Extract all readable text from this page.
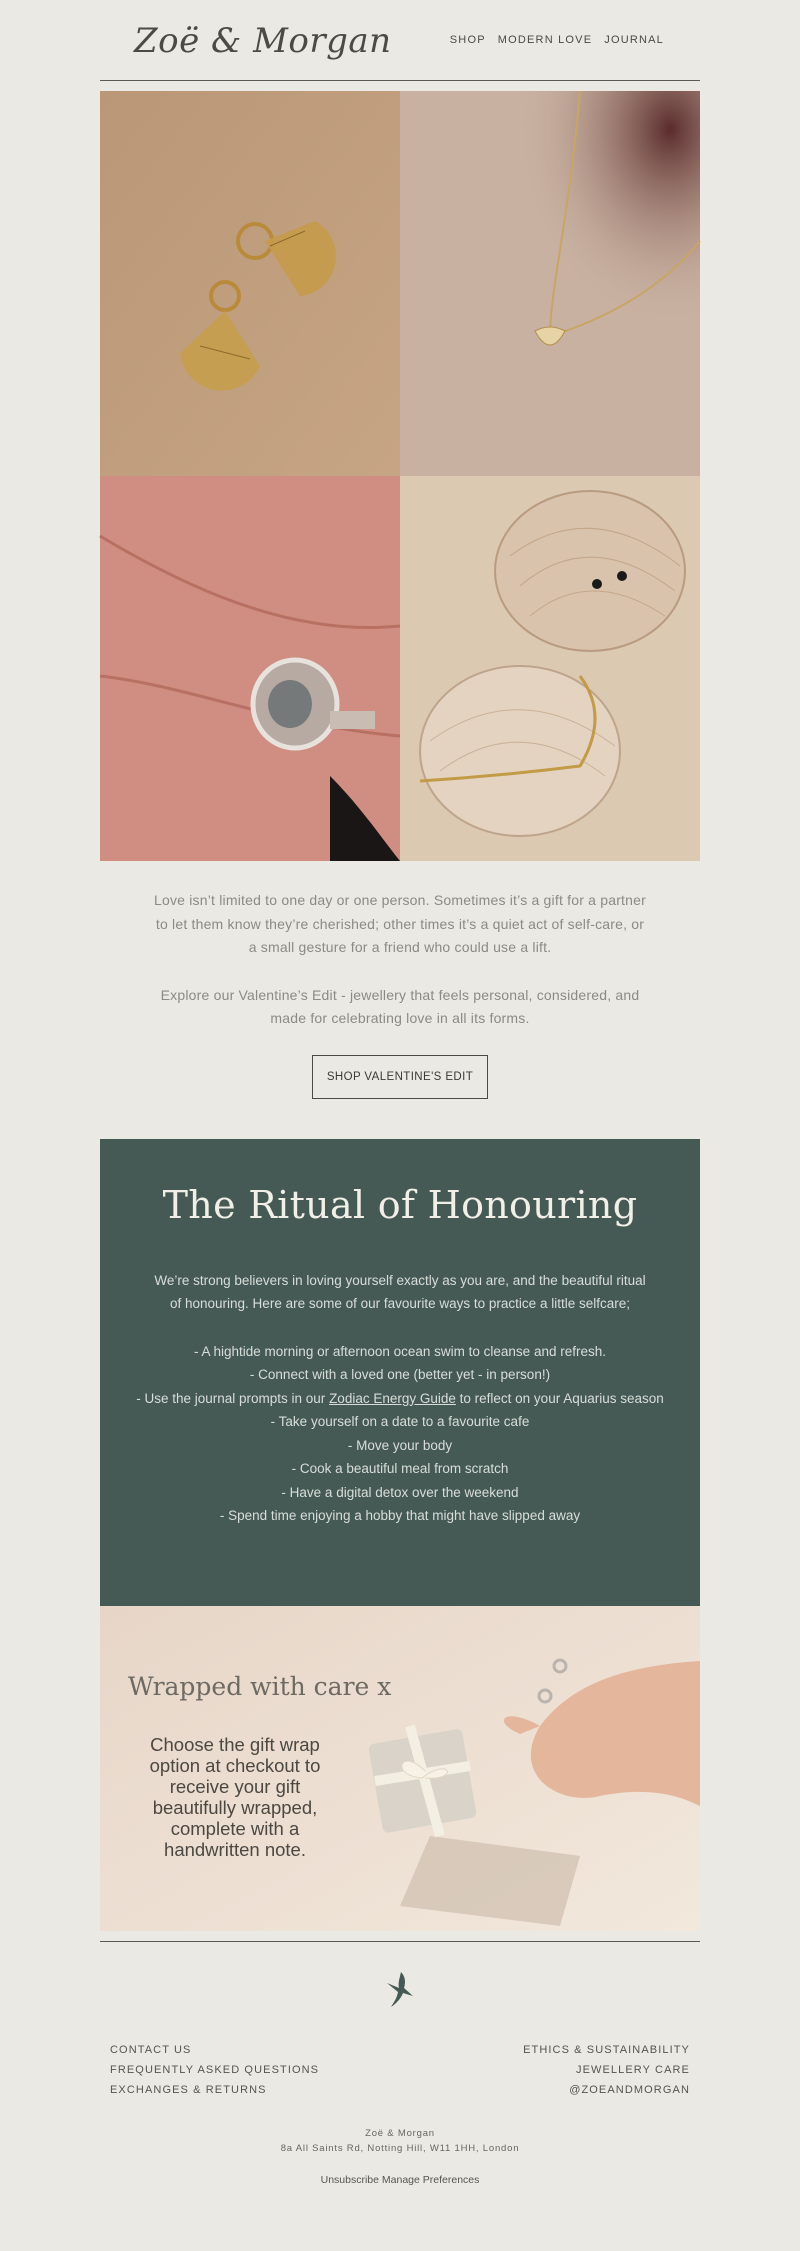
Zoë & Morgan	SHOP MODERN LOVE JOURNAL

Love isn’t limited to one day or one person. Sometimes it’s a gift for a partner to let them know they’re cherished; other times it’s a quiet act of self-care, or a small gesture for a friend who could use a lift.

Explore our Valentine’s Edit - jewellery that feels personal, considered, and made for celebrating love in all its forms.

SHOP VALENTINE'S EDIT
The Ritual of Honouring
We’re strong believers in loving yourself exactly as you are, and the beautiful ritual of honouring. Here are some of our favourite ways to practice a little selfcare;
- A hightide morning or afternoon ocean swim to cleanse and refresh.
- Connect with a loved one (better yet - in person!)
- Use the journal prompts in our Zodiac Energy Guide to reflect on your Aquarius season
- Take yourself on a date to a favourite cafe
- Move your body
- Cook a beautiful meal from scratch
- Have a digital detox over the weekend
- Spend time enjoying a hobby that might have slipped away
Wrapped with care x
Choose the gift wrap option at checkout to receive your gift beautifully wrapped, complete with a handwritten note.
CONTACT US
FREQUENTLY ASKED QUESTIONS
EXCHANGES & RETURNS
ETHICS & SUSTAINABILITY
JEWELLERY CARE
@ZOEANDMORGAN
Zoë & Morgan
8a All Saints Rd, Notting Hill, W11 1HH, London
Unsubscribe Manage Preferences
